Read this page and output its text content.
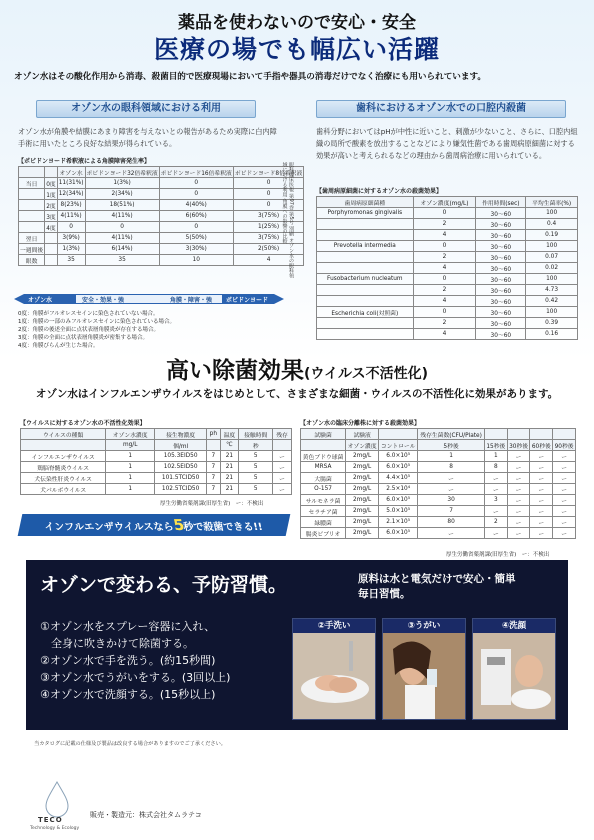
薬品を使わないので安心・安全
医療の場でも幅広い活躍
オゾン水はその酸化作用から消毒、殺菌目的で医療現場において手指や器具の消毒だけでなく治療にも用いられています。
オゾン水の眼科領域における利用
オゾン水が角膜や結膜にあまり障害を与えないとの報告があるため実際に白内障手術に用いたところ良好な結果が得られている。
【ポビドンヨード希釈液による角膜障害発生率】
		オゾン水	ポビドンヨード32倍希釈液	ポビドンヨード16倍希釈液	ポビドンヨード8倍希釈液
当日	0度	11(31%)	1(3%)	0	0
	1度	12(34%)	2(34%)	0	0
	2度	8(23%)	18(51%)	4(40%)	0
	3度	4(11%)	4(11%)	6(60%)	3(75%)
	4度	0	0	0	1(25%)
翌日		3(9%)	4(11%)	5(50%)	3(75%)
一週間後		1(3%)	6(14%)	3(30%)	2(50%)
眼数		35	35	10	4	眼科臨床医報 第97巻 第5号 別刷 オゾン水の眼科領域における利用 角膜への影響の比較
オゾン水	安全・効果・強	角膜・障害・強 ポビドンヨード
0度：角膜がフルオレスセインに染色されていない場合。
1度：角膜の一部のみフルオレスセインに染色されている場合。
2度：角膜の後述全面に点状表層角膜炎が存在する場合。
3度：角膜の全面に点状表層角膜炎が密集する場合。
4度：角膜びらんが生じた場合。
歯科におけるオゾン水での口腔内殺菌
歯科分野においてはpHが中性に近いこと、刺激が少ないこと、さらに、口腔内組織の局所で酸素を放出することなどにより嫌気性菌である歯周病原細菌に対する効果が高いと考えられるなどの理由から歯周病治療に用いられている。
【歯周病原細菌に対するオゾン水の殺菌効果】
歯周病原細菌種	オゾン濃度(mg/L)	作用時間(sec)	平均生菌率(%)
Porphyromonas gingivalis	0	30〜60	100
	2	30〜60	0.4
	4	30〜60	0.19
Prevotella intermedia	0	30〜60	100
	2	30〜60	0.07
	4	30〜60	0.02
Fusobacterium nucleatum	0	30〜60	100
	2	30〜60	4.73
	4	30〜60	0.42
Escherichia coli(対照菌)	0	30〜60	100
	2	30〜60	0.39
	4	30〜60	0.16
高い除菌効果(ウイルス不活性化)
オゾン水はインフルエンザウイルスをはじめとして、さまざまな細菌・ウイルスの不活性化に効果があります。
【ウイルスに対するオゾン水の不活性化効果】
ウイルスの種類	オゾン水濃度	接生物濃度	ph	温度	接触時間	残存
	mg/L	個/ml		℃	秒	
インフルエンザウイルス	1	105.3EID50	7	21	5	ー
鶏脳脊髄炎ウイルス	1	102.5EID50	7	21	5	ー
犬伝染性肝炎ウイルス	1	101.5TCID50	7	21	5	ー
犬パルボウイルス	1	102.5TCID50	7	21	5	ー
厚生労働省薬剤課(旧厚生省)　ー：不検出
インフルエンザウイルスなら5秒で殺菌できる!!
【オゾン水の臨床分離株に対する殺菌効果】
試験菌	試験液		残存生菌数(CFU/Plate)				
	オゾン濃度	コントロール	5秒後	15秒後	30秒後	60秒後	90秒後
黄色ブドウ球菌	2mg/L	6.0×10⁵	1	1	ー	ー	ー
MRSA	2mg/L	6.0×10⁵	8	8	ー	ー	ー
大腸菌	2mg/L	4.4×10⁵	ー	ー	ー	ー	ー
O-157	2mg/L	2.5×10⁴	ー	ー	ー	ー	ー
サルモネラ菌	2mg/L	6.0×10⁵	30	3	ー	ー	ー
セラチア菌	2mg/L	5.0×10⁵	7	ー	ー	ー	ー
緑膿菌	2mg/L	2.1×10⁵	80	2	ー	ー	ー
腸炎ビブリオ	2mg/L	6.0×10⁵	ー	ー	ー	ー	ー
厚生労働省薬剤課(旧厚生省)　ー：不検出
オゾンで変わる、予防習慣。	原料は水と電気だけで安心・簡単
毎日習慣。
①オゾン水をスプレー容器に入れ、
　全身に吹きかけて除菌する。
②オゾン水で手を洗う。(約15秒間)
③オゾン水でうがいをする。(3回以上)
④オゾン水で洗顔する。(15秒以上)
②手洗い	③うがい	④洗顔
当カタログに記載の仕様及び製品は改良する場合がありますのでご了承ください。
TECO
Technology & Ecology
販売・製造元：株式会社タムラテコ
